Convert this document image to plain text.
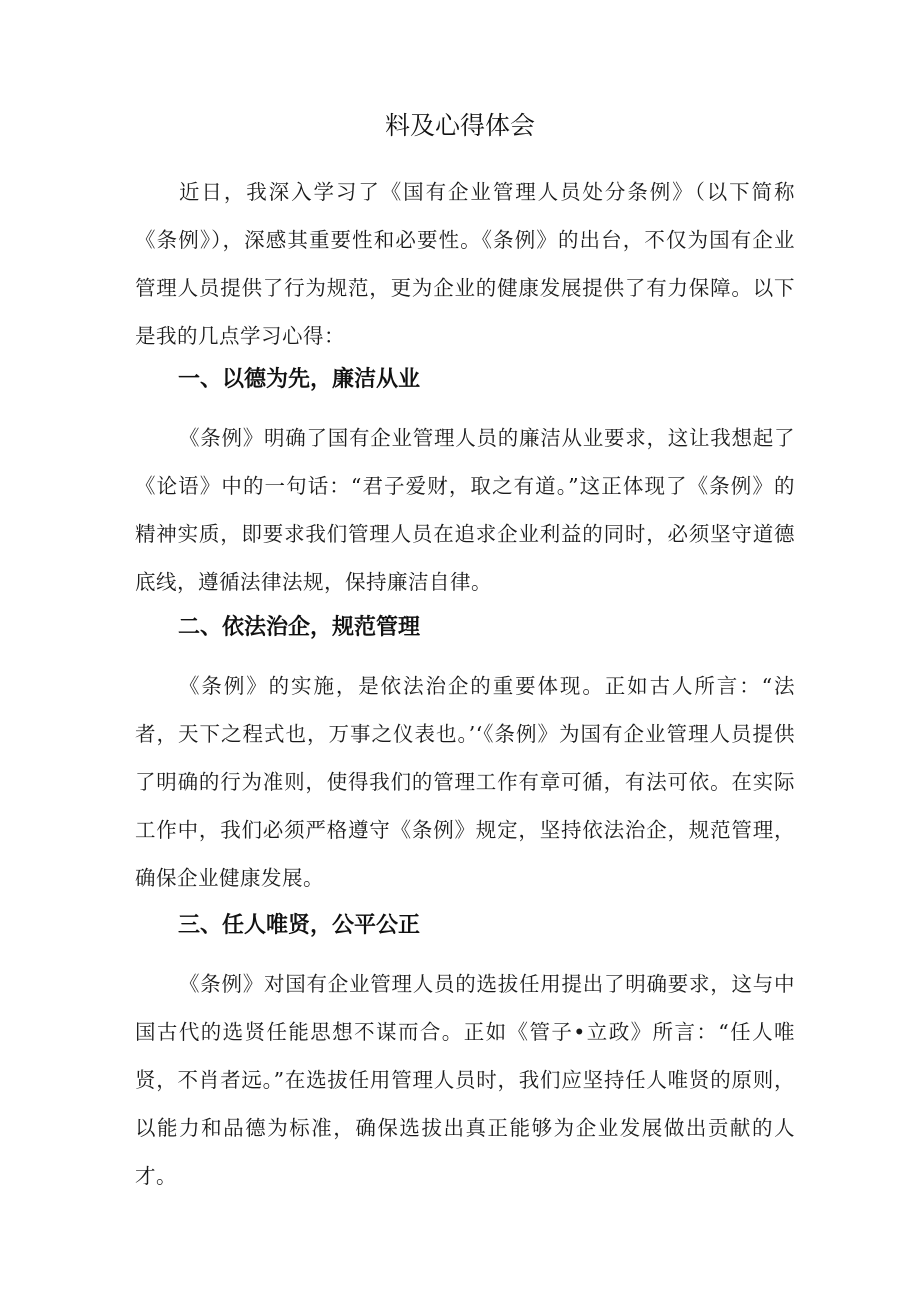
料及心得体会

近日，我深入学习了《国有企业管理人员处分条例》（以下简称《条例》），深感其重要性和必要性。《条例》的出台，不仅为国有企业管理人员提供了行为规范，更为企业的健康发展提供了有力保障。以下是我的几点学习心得：

一、以德为先，廉洁从业

《条例》明确了国有企业管理人员的廉洁从业要求，这让我想起了《论语》中的一句话：“君子爱财，取之有道。”这正体现了《条例》的精神实质，即要求我们管理人员在追求企业利益的同时，必须坚守道德底线，遵循法律法规，保持廉洁自律。

二、依法治企，规范管理

《条例》的实施，是依法治企的重要体现。正如古人所言：“法者，天下之程式也，万事之仪表也。’‘《条例》为国有企业管理人员提供了明确的行为准则，使得我们的管理工作有章可循，有法可依。在实际工作中，我们必须严格遵守《条例》规定，坚持依法治企，规范管理，确保企业健康发展。

三、任人唯贤，公平公正

《条例》对国有企业管理人员的选拔任用提出了明确要求，这与中国古代的选贤任能思想不谋而合。正如《管子•立政》所言：“任人唯贤，不肖者远。”在选拔任用管理人员时，我们应坚持任人唯贤的原则，以能力和品德为标准，确保选拔出真正能够为企业发展做出贡献的人才。
